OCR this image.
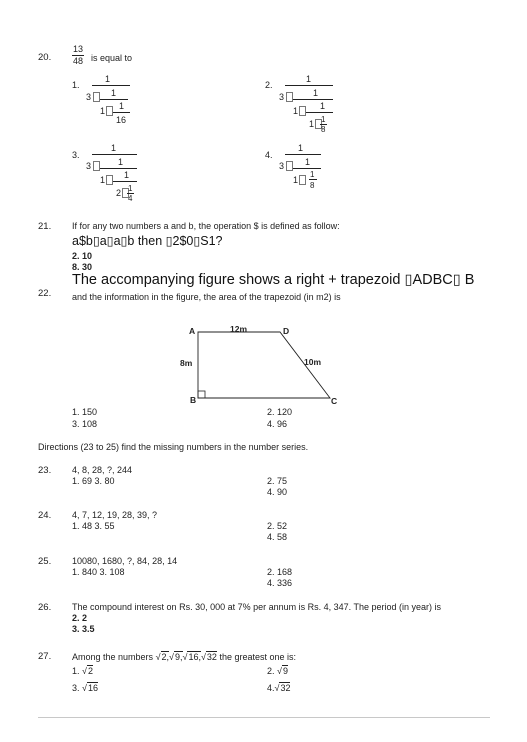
20.
13
48 is equal to
1.
1
3 1
1 1
16
2.
1
3	1
1 1
1 1
8
3.
1
3	1
1 1
2 1
4
4.
1
3 1
1
1
8
21. If for any two numbers a and b, the operation $ is defined as follow:
a$b▯a▯a▯b then ▯2$0▯S1?
2. 10
8. 30
The accompanying figure shows a right + trapezoid ▯ADBC▯ B
22. and the information in the figure, the area of the trapezoid (in m2) is
A	D
B	C
12m
8m	10m
1. 150	2. 120
3. 108	4. 96
Directions (23 to 25) find the missing numbers in the number series.
23. 4, 8, 28, ?, 244
1. 69 3. 80	2. 75
4. 90
24. 4, 7, 12, 19, 28, 39, ?
1. 48 3. 55	2. 52
4. 58
25. 10080, 1680, ?, 84, 28, 14
1. 840 3. 108	2. 168
4. 336
26. The compound interest on Rs. 30, 000 at 7% per annum is Rs. 4, 347. The period (in year) is
2. 2
3. 3.5
27. Among the numbers √2,√9,√16,√32 the greatest one is:
1. √2	2. √9
3. √16	4.√32
